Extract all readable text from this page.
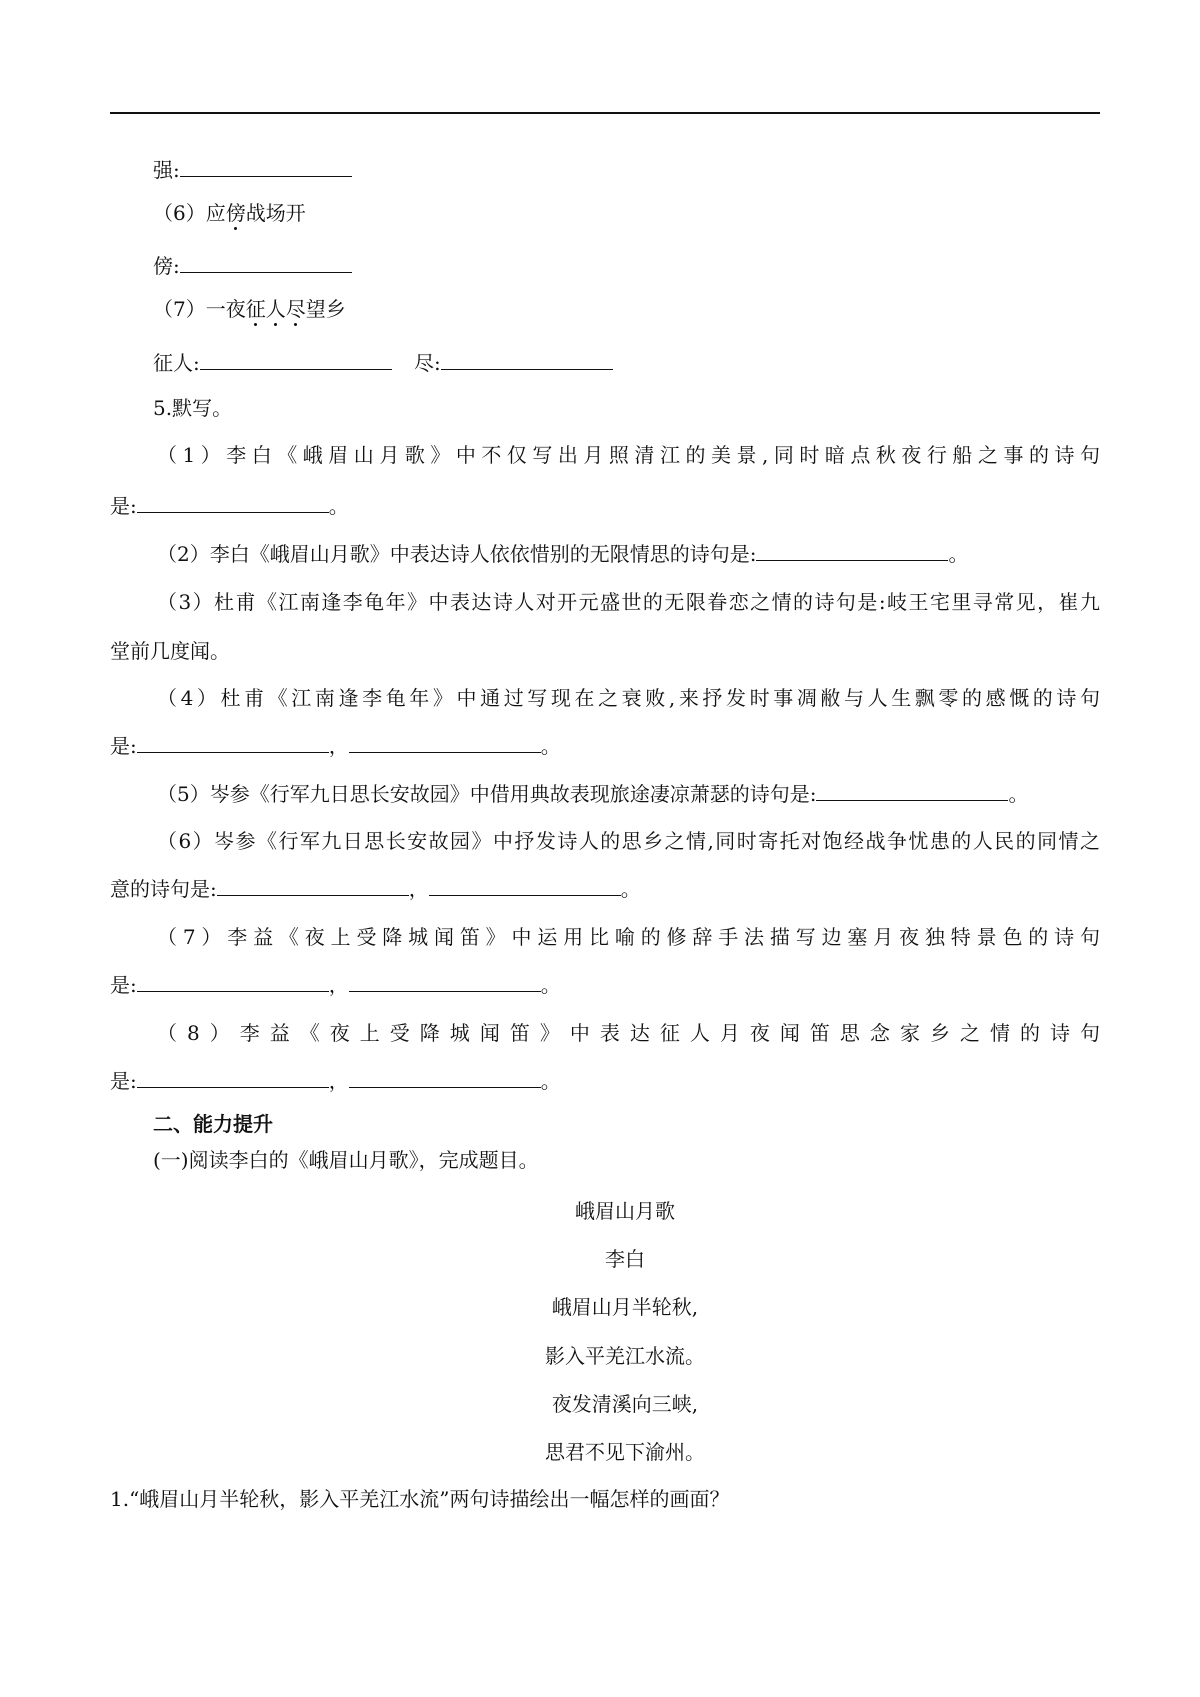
强:
（6）应傍战场开
傍:
（7）一夜征人尽望乡
征人:	尽:
5.默写。
（1）李白《峨眉山月歌》中不仅写出月照清江的美景,同时暗点秋夜行船之事的诗句
是:	。
（2）李白《峨眉山月歌》中表达诗人依依惜别的无限情思的诗句是:	。
（3）杜甫《江南逢李龟年》中表达诗人对开元盛世的无限眷恋之情的诗句是:岐王宅里寻常见，崔九
堂前几度闻。
（4）杜甫《江南逢李龟年》中通过写现在之衰败,来抒发时事凋敝与人生飘零的感慨的诗句
是:	，	。
（5）岑参《行军九日思长安故园》中借用典故表现旅途凄凉萧瑟的诗句是:	。
（6）岑参《行军九日思长安故园》中抒发诗人的思乡之情,同时寄托对饱经战争忧患的人民的同情之
意的诗句是:	，	。
（7）李益《夜上受降城闻笛》中运用比喻的修辞手法描写边塞月夜独特景色的诗句
是:	，	。
（8）李益《夜上受降城闻笛》中表达征人月夜闻笛思念家乡之情的诗句
是:	，	。
二、能力提升
(一)阅读李白的《峨眉山月歌》，完成题目。
峨眉山月歌
李白
峨眉山月半轮秋,
影入平羌江水流。
夜发清溪向三峡,
思君不见下渝州。
1.“峨眉山月半轮秋，影入平羌江水流”两句诗描绘出一幅怎样的画面？
